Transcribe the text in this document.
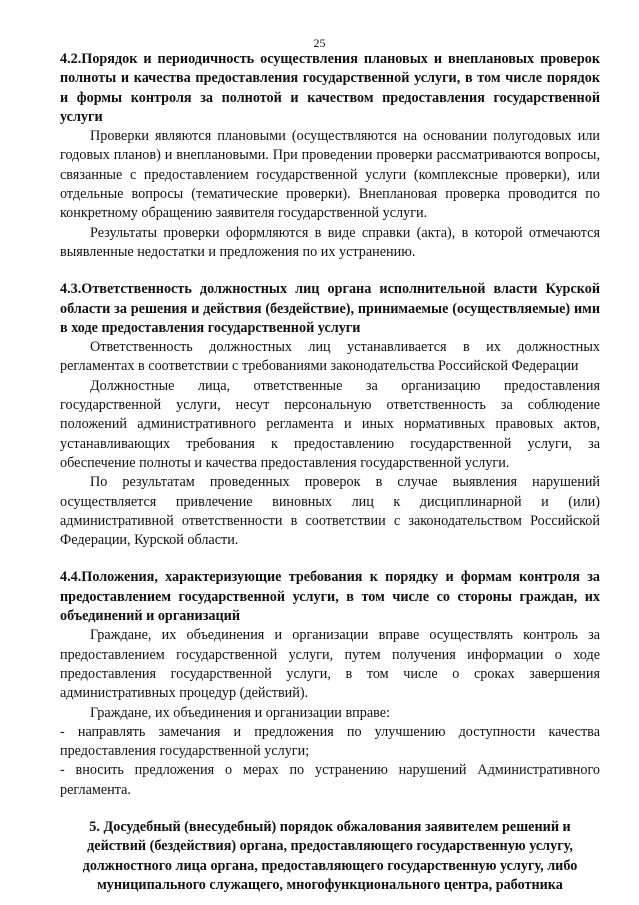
25

4.2.Порядок и периодичность осуществления плановых и внеплановых проверок полноты и качества предоставления государственной услуги, в том числе порядок и формы контроля за полнотой и качеством предоставления государственной услуги

Проверки являются плановыми (осуществляются на основании полугодовых или годовых планов) и внеплановыми. При проведении проверки рассматриваются вопросы, связанные с предоставлением государственной услуги (комплексные проверки), или отдельные вопросы (тематические проверки). Внеплановая проверка проводится по конкретному обращению заявителя государственной услуги.

Результаты проверки оформляются в виде справки (акта), в которой отмечаются выявленные недостатки и предложения по их устранению.

4.3.Ответственность должностных лиц органа исполнительной власти Курской области за решения и действия (бездействие), принимаемые (осуществляемые) ими в ходе предоставления государственной услуги

Ответственность должностных лиц устанавливается в их должностных регламентах в соответствии с требованиями законодательства Российской Федерации

Должностные лица, ответственные за организацию предоставления государственной услуги, несут персональную ответственность за соблюдение положений административного регламента и иных нормативных правовых актов, устанавливающих требования к предоставлению государственной услуги, за обеспечение полноты и качества предоставления государственной услуги.

По результатам проведенных проверок в случае выявления нарушений осуществляется привлечение виновных лиц к дисциплинарной и (или) административной ответственности в соответствии с законодательством Российской Федерации, Курской области.

4.4.Положения, характеризующие требования к порядку и формам контроля за предоставлением государственной услуги, в том числе со стороны граждан, их объединений и организаций

Граждане, их объединения и организации вправе осуществлять контроль за предоставлением государственной услуги, путем получения информации о ходе предоставления государственной услуги, в том числе о сроках завершения административных процедур (действий).

Граждане, их объединения и организации вправе:

- направлять замечания и предложения по улучшению доступности качества предоставления государственной услуги;

- вносить предложения о мерах по устранению нарушений Административного регламента.

5. Досудебный (внесудебный) порядок обжалования заявителем решений и действий (бездействия) органа, предоставляющего государственную услугу, должностного лица органа, предоставляющего государственную услугу, либо муниципального служащего, многофункционального центра, работника
